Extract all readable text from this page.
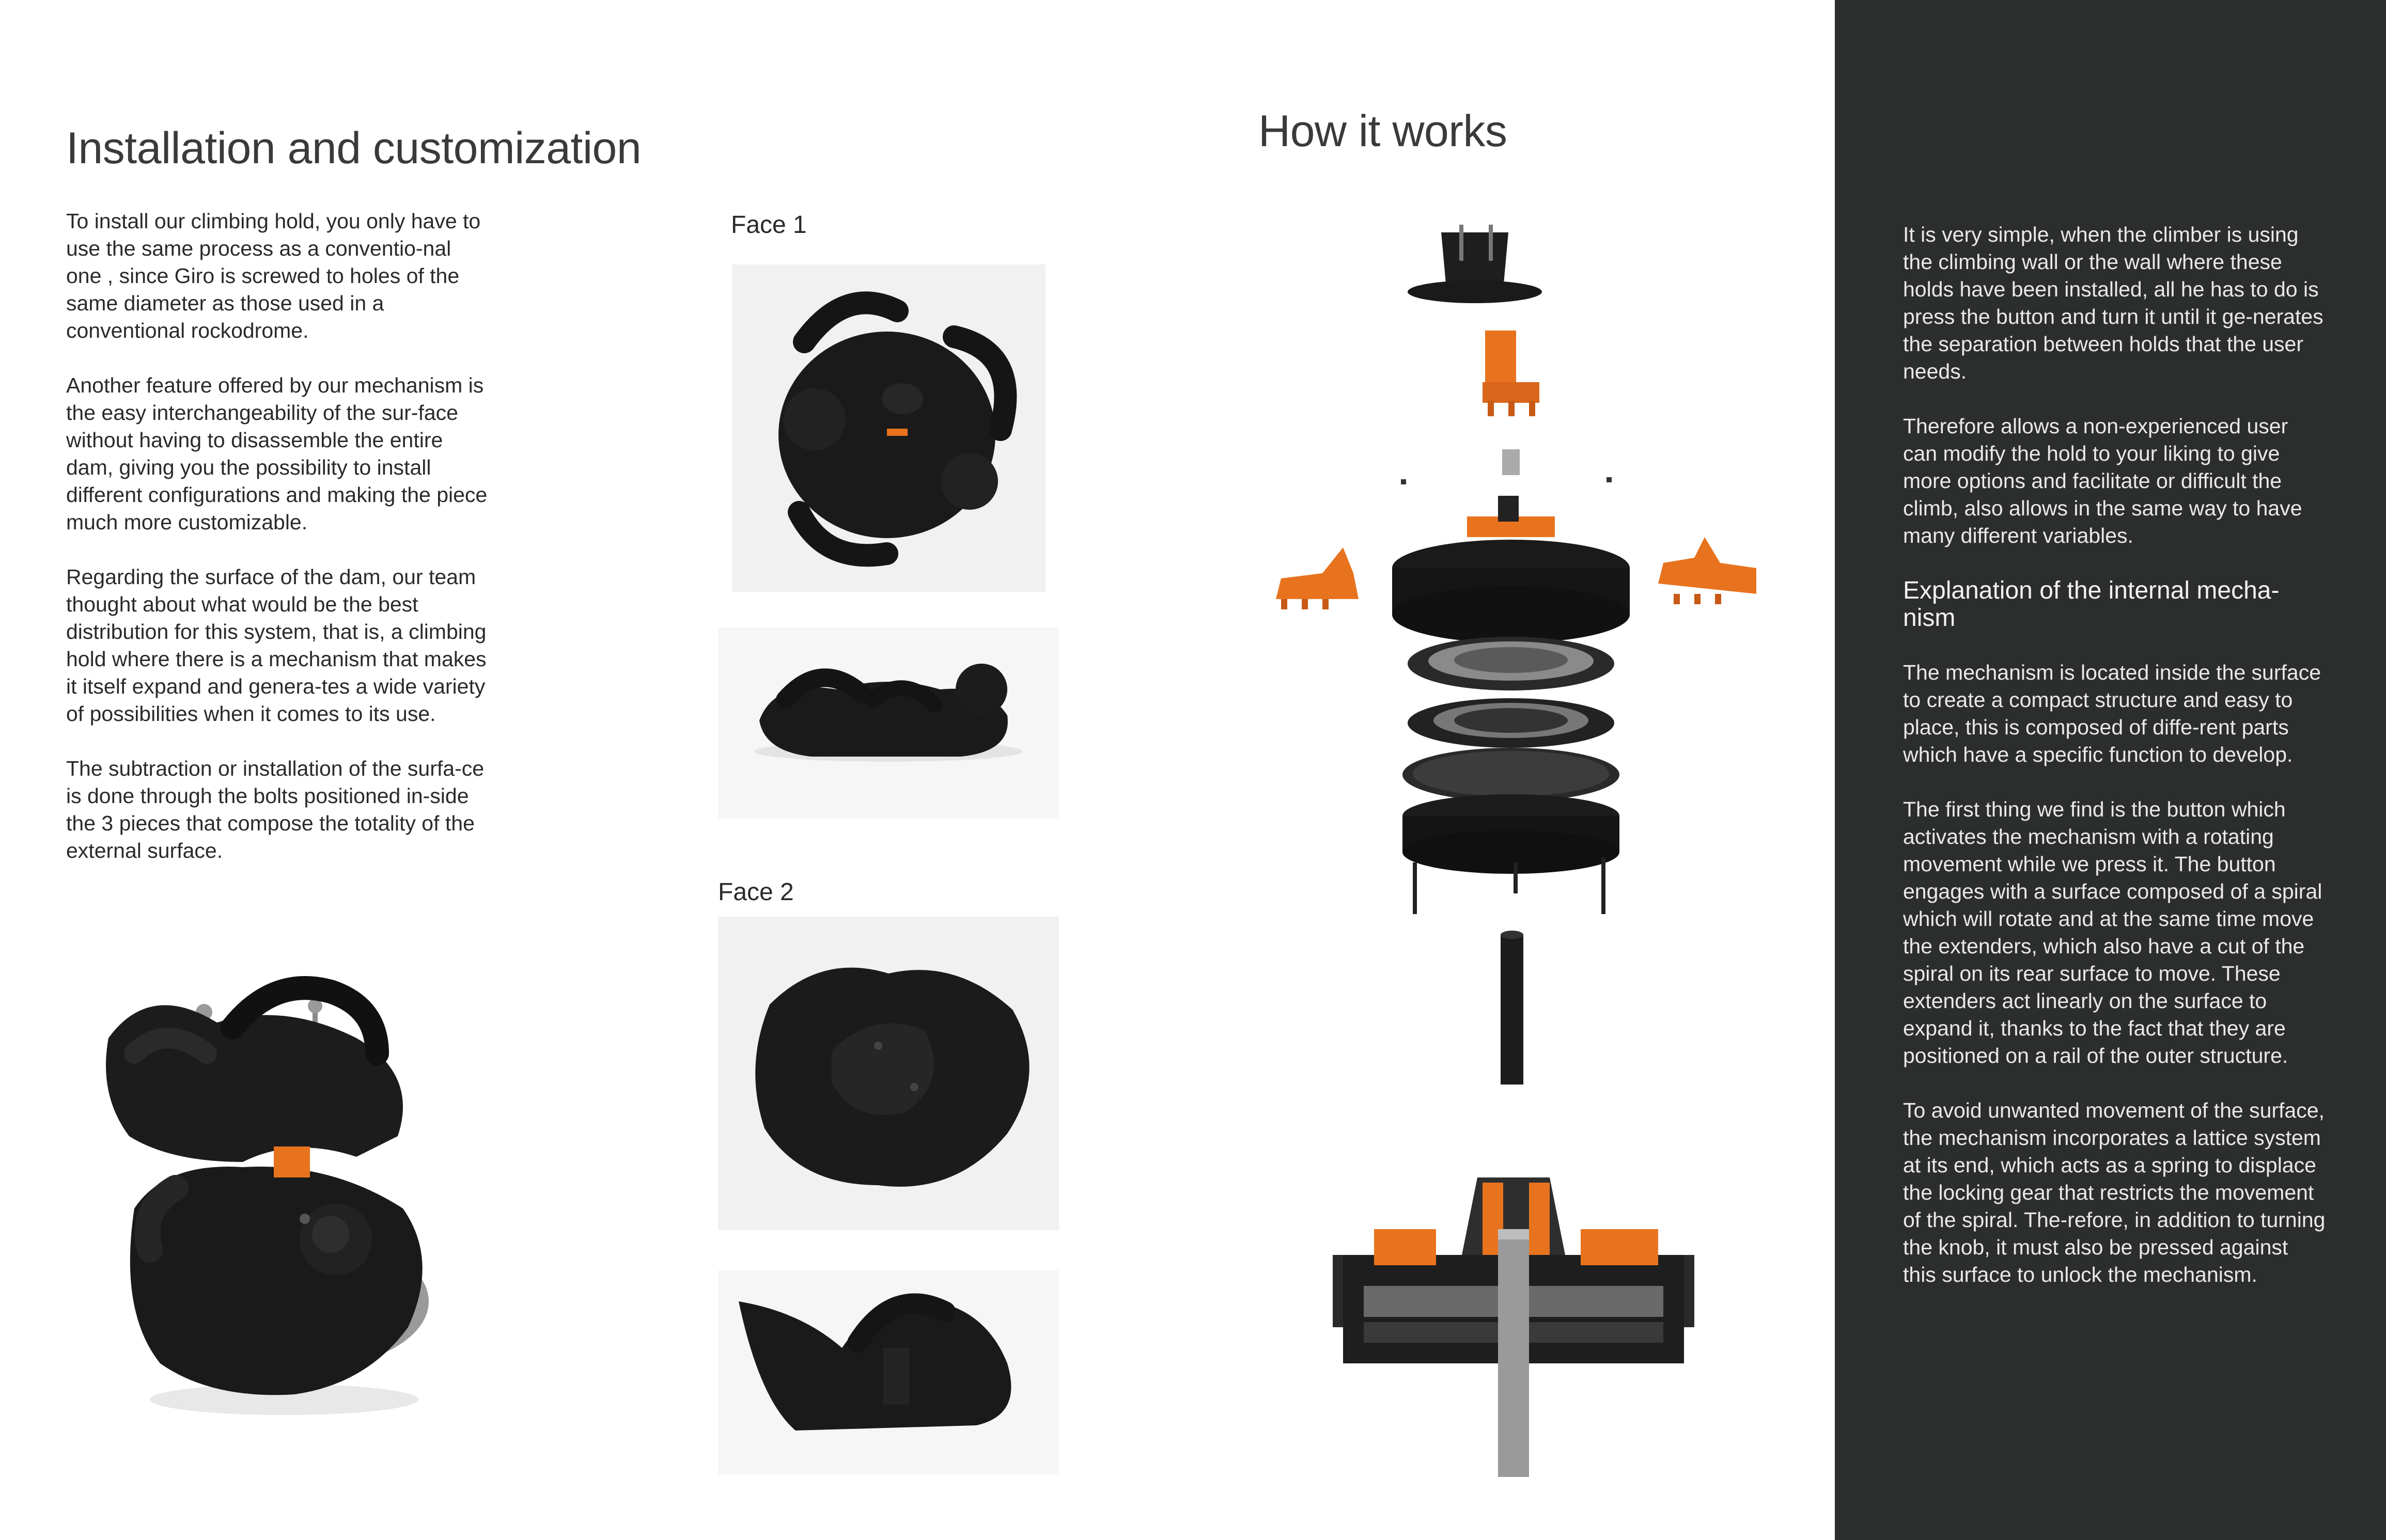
Installation and customization

To install our climbing hold, you only have to use the same process as a conventio-nal one , since Giro is screwed to holes of the same diameter as those used in a conventional rockodrome.

Another feature offered by our mechanism is the easy interchangeability of the sur-face without having to disassemble the entire dam, giving you the possibility to install different configurations and making the piece much more customizable.

Regarding the surface of the dam, our team thought about what would be the best distribution for this system, that is, a climbing hold where there is a mechanism that makes it itself expand and genera-tes a wide variety of possibilities when it comes to its use.

The subtraction or installation of the surfa-ce is done through the bolts positioned in-side the 3 pieces that compose the totality of the external surface.

Face 1
Face 2
How it works

It is very simple, when the climber is using the climbing wall or the wall where these holds have been installed, all he has to do is press the button and turn it until it ge-nerates the separation between holds that the user needs.

Therefore allows a non-experienced user can modify the hold to your liking to give more options and facilitate or difficult the climb, also allows in the same way to have many different variables.

Explanation of the internal mecha-nism

The mechanism is located inside the surface to create a compact structure and easy to place, this is composed of diffe-rent parts which have a specific function to develop.

The first thing we find is the button which activates the mechanism with a rotating movement while we press it. The button engages with a surface composed of a spiral which will rotate and at the same time move the extenders, which also have a cut of the spiral on its rear surface to move. These extenders act linearly on the surface to expand it, thanks to the fact that they are positioned on a rail of the outer structure.

To avoid unwanted movement of the surface, the mechanism incorporates a lattice system at its end, which acts as a spring to displace the locking gear that restricts the movement of the spiral. The-refore, in addition to turning the knob, it must also be pressed against this surface to unlock the mechanism.
